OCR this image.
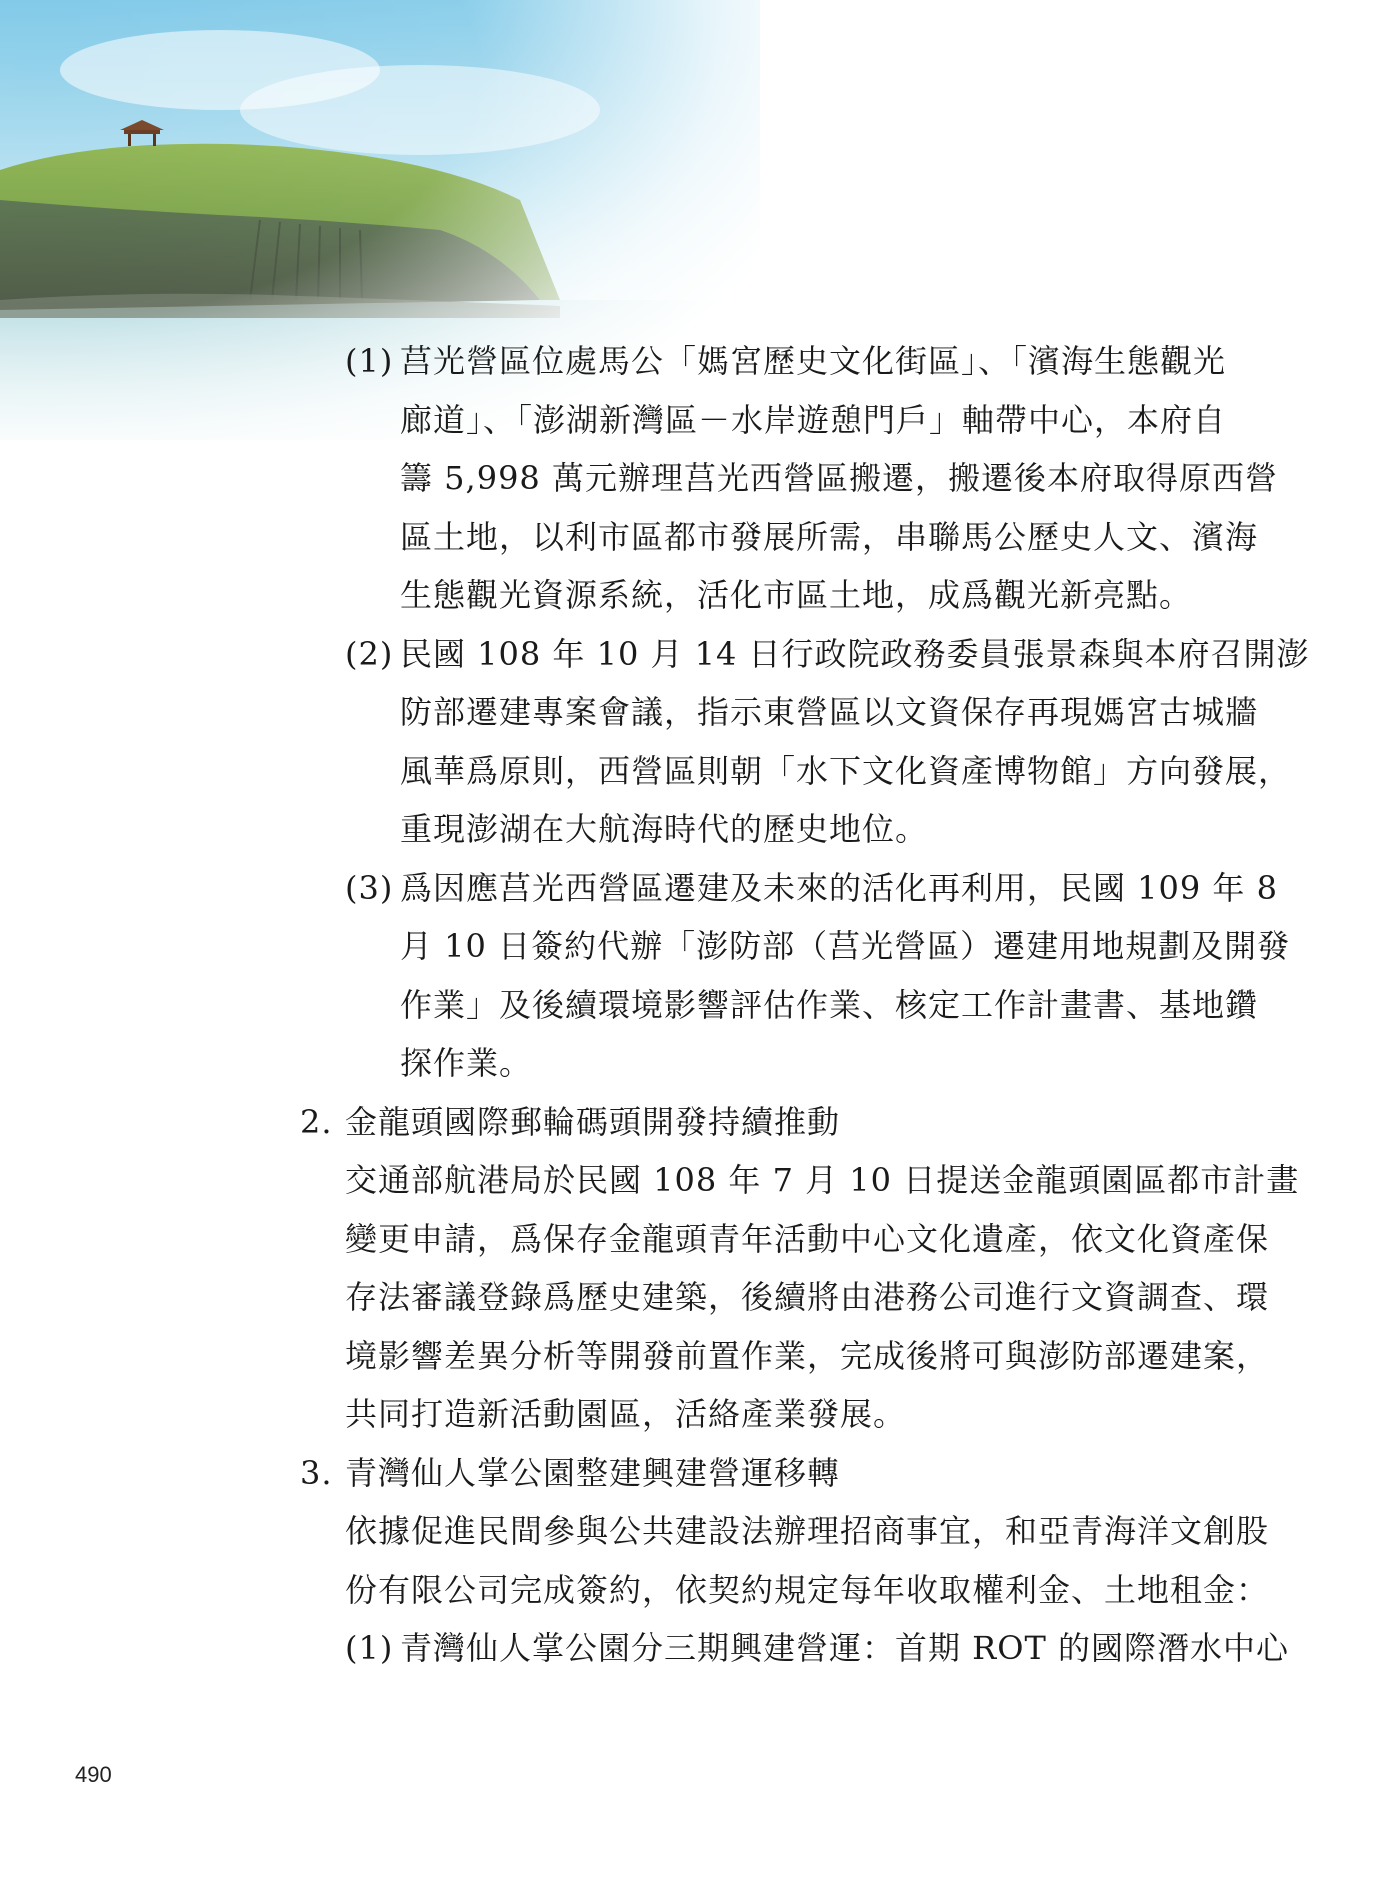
(1) 莒光營區位處馬公「媽宮歷史文化街區」、「濱海生態觀光
廊道」、「澎湖新灣區－水岸遊憩門戶」軸帶中心，本府自
籌 5,998 萬元辦理莒光西營區搬遷，搬遷後本府取得原西營
區土地，以利市區都市發展所需，串聯馬公歷史人文、濱海
生態觀光資源系統，活化市區土地，成爲觀光新亮點。
(2) 民國 108 年 10 月 14 日行政院政務委員張景森與本府召開澎
防部遷建專案會議，指示東營區以文資保存再現媽宮古城牆
風華爲原則，西營區則朝「水下文化資產博物館」方向發展，
重現澎湖在大航海時代的歷史地位。
(3) 爲因應莒光西營區遷建及未來的活化再利用，民國 109 年 8
月 10 日簽約代辦「澎防部（莒光營區）遷建用地規劃及開發
作業」及後續環境影響評估作業、核定工作計畫書、基地鑽
探作業。
2. 金龍頭國際郵輪碼頭開發持續推動
交通部航港局於民國 108 年 7 月 10 日提送金龍頭園區都市計畫
變更申請，爲保存金龍頭青年活動中心文化遺產，依文化資產保
存法審議登錄爲歷史建築，後續將由港務公司進行文資調查、環
境影響差異分析等開發前置作業，完成後將可與澎防部遷建案，
共同打造新活動園區，活絡產業發展。
3. 青灣仙人掌公園整建興建營運移轉
依據促進民間參與公共建設法辦理招商事宜，和亞青海洋文創股
份有限公司完成簽約，依契約規定每年收取權利金、土地租金：
(1) 青灣仙人掌公園分三期興建營運：首期 ROT 的國際潛水中心
490
